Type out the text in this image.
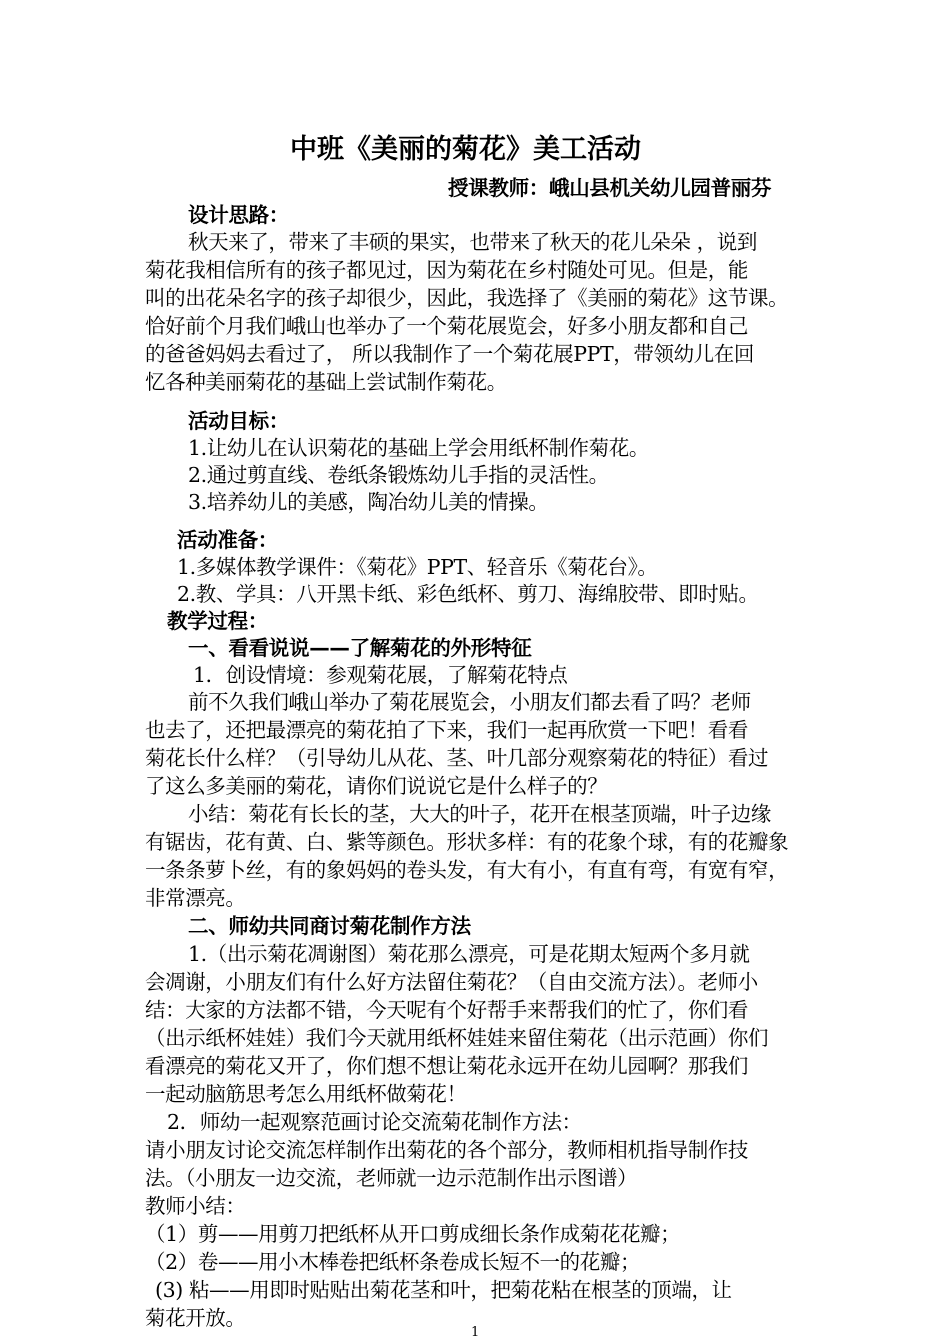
中班《美丽的菊花》美工活动

授课教师：峨山县机关幼儿园普丽芬

设计思路：

秋天来了，带来了丰硕的果实，也带来了秋天的花儿朵朵 ，说到

菊花我相信所有的孩子都见过，因为菊花在乡村随处可见。但是，能

叫的出花朵名字的孩子却很少，因此，我选择了《美丽的菊花》这节课。

恰好前个月我们峨山也举办了一个菊花展览会，好多小朋友都和自己

的爸爸妈妈去看过了， 所以我制作了一个菊花展PPT，带领幼儿在回

忆各种美丽菊花的基础上尝试制作菊花。

活动目标：

1.让幼儿在认识菊花的基础上学会用纸杯制作菊花。

2.通过剪直线、卷纸条锻炼幼儿手指的灵活性。

3.培养幼儿的美感，陶冶幼儿美的情操。

活动准备：

1.多媒体教学课件：《菊花》PPT、轻音乐《菊花台》。

2.教、学具：八开黑卡纸、彩色纸杯、剪刀、海绵胶带、即时贴。

教学过程：

一、看看说说——了解菊花的外形特征

1．创设情境：参观菊花展，了解菊花特点

前不久我们峨山举办了菊花展览会，小朋友们都去看了吗？老师

也去了，还把最漂亮的菊花拍了下来，我们一起再欣赏一下吧！看看

菊花长什么样？（引导幼儿从花、茎、叶几部分观察菊花的特征）看过

了这么多美丽的菊花，请你们说说它是什么样子的？

小结：菊花有长长的茎，大大的叶子，花开在根茎顶端，叶子边缘

有锯齿，花有黄、白、紫等颜色。形状多样：有的花象个球，有的花瓣象

一条条萝卜丝，有的象妈妈的卷头发，有大有小，有直有弯，有宽有窄，

非常漂亮。

二、师幼共同商讨菊花制作方法

1.（出示菊花凋谢图）菊花那么漂亮，可是花期太短两个多月就

会凋谢，小朋友们有什么好方法留住菊花？（自由交流方法）。老师小

结：大家的方法都不错，今天呢有个好帮手来帮我们的忙了，你们看

（出示纸杯娃娃）我们今天就用纸杯娃娃来留住菊花（出示范画）你们

看漂亮的菊花又开了，你们想不想让菊花永远开在幼儿园啊？那我们

一起动脑筋思考怎么用纸杯做菊花！

2．师幼一起观察范画讨论交流菊花制作方法：

请小朋友讨论交流怎样制作出菊花的各个部分，教师相机指导制作技

法。（小朋友一边交流，老师就一边示范制作出示图谱）

教师小结：

（1）剪——用剪刀把纸杯从开口剪成细长条作成菊花花瓣；

（2）卷——用小木棒卷把纸杯条卷成长短不一的花瓣；

(3) 粘——用即时贴贴出菊花茎和叶，把菊花粘在根茎的顶端，让

菊花开放。

1
